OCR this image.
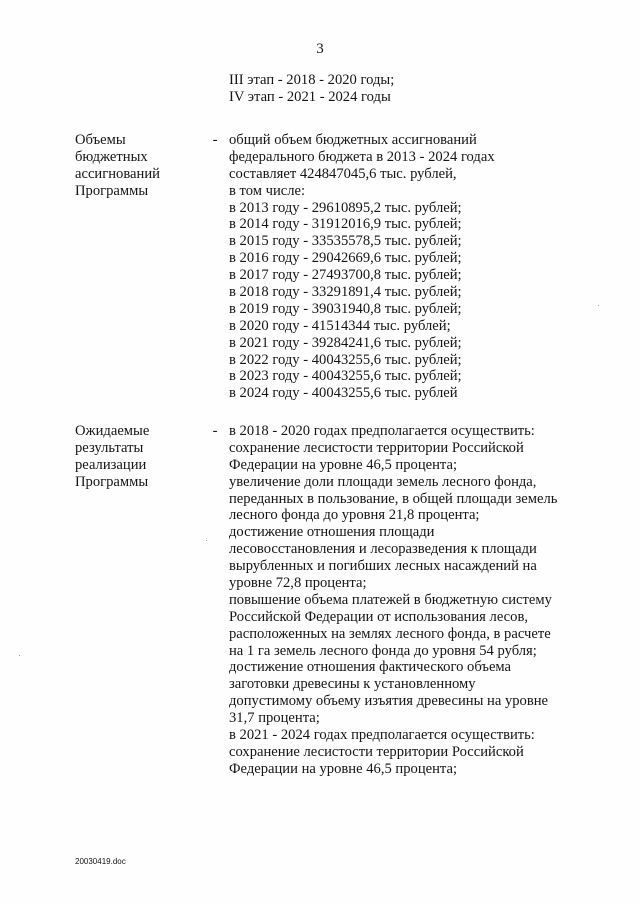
3
III этап - 2018 - 2020 годы;
IV этап - 2021 - 2024 годы
Объемы
бюджетных
ассигнований
Программы
- общий объем бюджетных ассигнований
федерального бюджета в 2013 - 2024 годах
составляет 424847045,6 тыс. рублей,
в том числе:
в 2013 году - 29610895,2 тыс. рублей;
в 2014 году - 31912016,9 тыс. рублей;
в 2015 году - 33535578,5 тыс. рублей;
в 2016 году - 29042669,6 тыс. рублей;
в 2017 году - 27493700,8 тыс. рублей;
в 2018 году - 33291891,4 тыс. рублей;
в 2019 году - 39031940,8 тыс. рублей;
в 2020 году - 41514344 тыс. рублей;
в 2021 году - 39284241,6 тыс. рублей;
в 2022 году - 40043255,6 тыс. рублей;
в 2023 году - 40043255,6 тыс. рублей;
в 2024 году - 40043255,6 тыс. рублей
Ожидаемые
результаты
реализации
Программы
- в 2018 - 2020 годах предполагается осуществить:
сохранение лесистости территории Российской
Федерации на уровне 46,5 процента;
увеличение доли площади земель лесного фонда,
переданных в пользование, в общей площади земель
лесного фонда до уровня 21,8 процента;
достижение отношения площади
лесовосстановления и лесоразведения к площади
вырубленных и погибших лесных насаждений на
уровне 72,8 процента;
повышение объема платежей в бюджетную систему
Российской Федерации от использования лесов,
расположенных на землях лесного фонда, в расчете
на 1 га земель лесного фонда до уровня 54 рубля;
достижение отношения фактического объема
заготовки древесины к установленному
допустимому объему изъятия древесины на уровне
31,7 процента;
в 2021 - 2024 годах предполагается осуществить:
сохранение лесистости территории Российской
Федерации на уровне 46,5 процента;
20030419.doc
